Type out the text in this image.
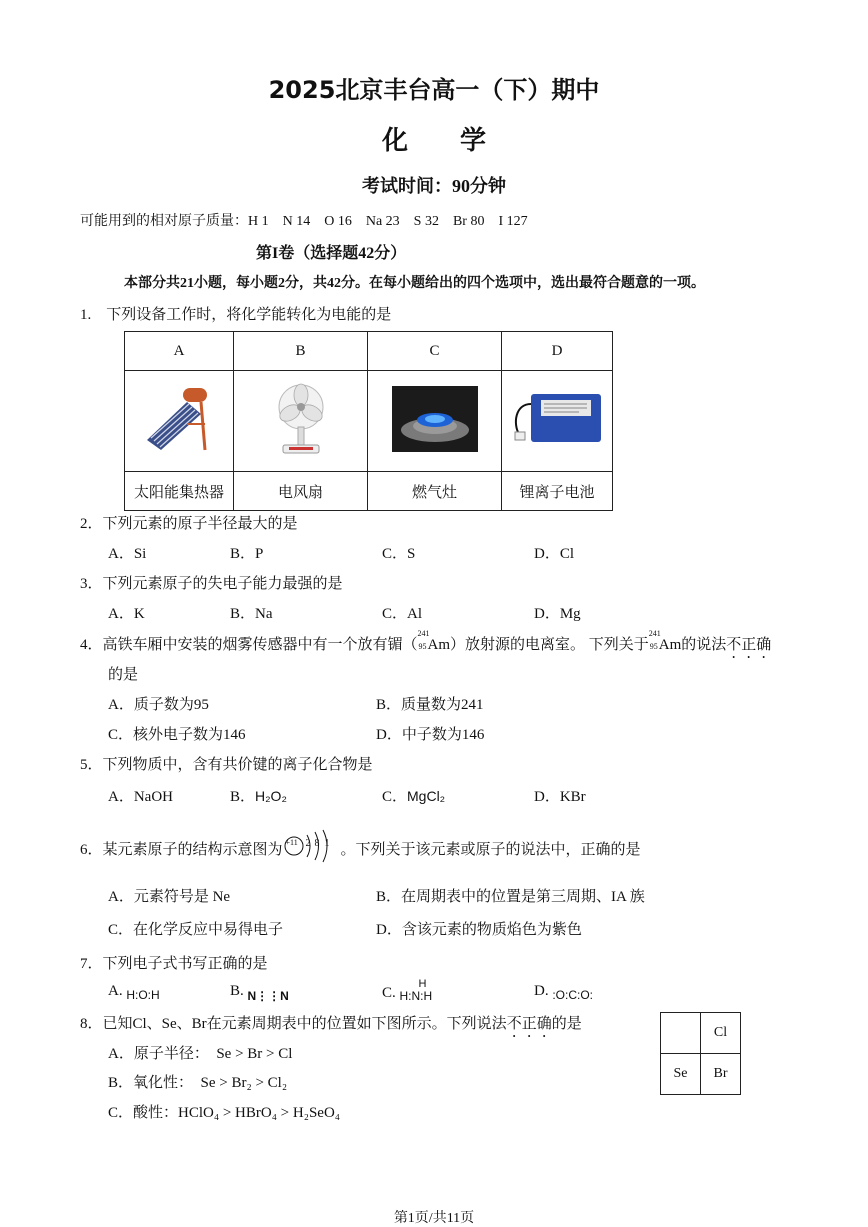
2025北京丰台高一（下）期中
化　　学
考试时间：90分钟
可能用到的相对原子质量：H 1　N 14　O 16　Na 23　S 32　Br 80　I 127
第I卷（选择题42分）
本部分共21小题，每小题2分，共42分。在每小题给出的四个选项中，选出最符合题意的一项。
1.　下列设备工作时，将化学能转化为电能的是
A	B	C	D

太阳能集热器	电风扇	燃气灶	锂离子电池
2．下列元素的原子半径最大的是
A．Si	B．P	C．S	D．Cl
3．下列元素原子的失电子能力最强的是
A．K	B．Na	C．Al	D．Mg
4．高铁车厢中安装的烟雾传感器中有一个放有镅（
241
95 Am）放射源的电离室。 下列关于
241
95 Am的说法不正确
的是
A．质子数为95	B．质量数为241
C．核外电子数为146	D．中子数为146
5．下列物质中，含有共价键的离子化合物是
A．NaOH	B．H₂O₂	C．MgCl₂	D．KBr
6．某元素原子的结构示意图为 +11 2 8 1 。下列关于该元素或原子的说法中，正确的是
A．元素符号是 Ne	B．在周期表中的位置是第三周期、IA 族
C．在化学反应中易得电子	D．含该元素的物质焰色为紫色
7．下列电子式书写正确的是
A. $_{H:O:H}$	B. $_{N⋮⋮N}$	C.
H
H:N:H	D. $_{:O:C:O:}$
8．已知Cl、Se、Br在元素周期表中的位置如下图所示。下列说法不正确的是
A．原子半径：　Se > Br > Cl
B．氧化性：　Se > Br₂ > Cl₂
C．酸性：HClO₄ > HBrO₄ > H₂SeO₄
	Cl
Se	Br
第1页/共11页
